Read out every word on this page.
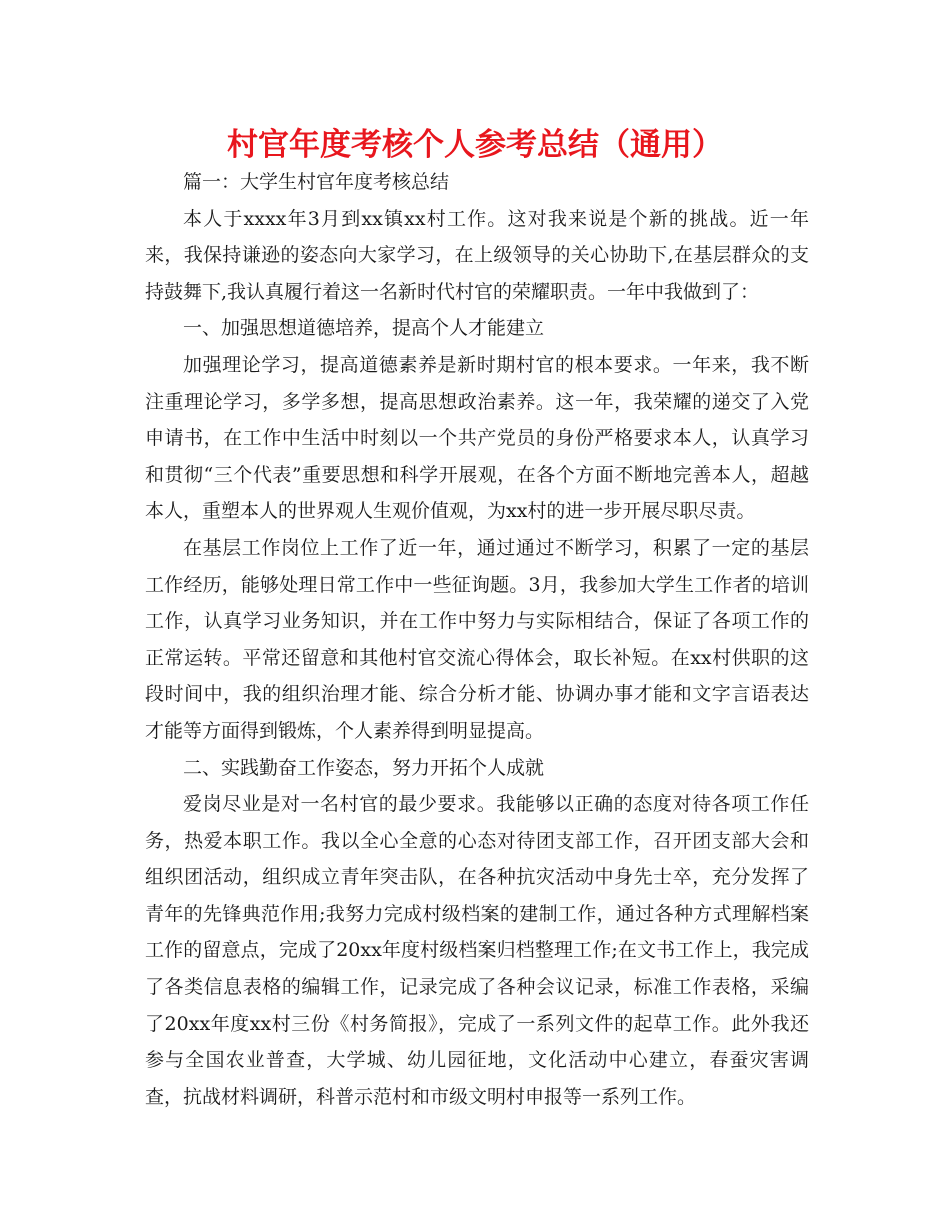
村官年度考核个人参考总结（通用）

篇一：大学生村官年度考核总结

本人于xxxx年3月到xx镇xx村工作。这对我来说是个新的挑战。近一年来，我保持谦逊的姿态向大家学习，在上级领导的关心协助下,在基层群众的支持鼓舞下,我认真履行着这一名新时代村官的荣耀职责。一年中我做到了：

一、加强思想道德培养，提高个人才能建立

加强理论学习，提高道德素养是新时期村官的根本要求。一年来，我不断注重理论学习，多学多想，提高思想政治素养。这一年，我荣耀的递交了入党申请书，在工作中生活中时刻以一个共产党员的身份严格要求本人，认真学习和贯彻“三个代表”重要思想和科学开展观，在各个方面不断地完善本人，超越本人，重塑本人的世界观人生观价值观，为xx村的进一步开展尽职尽责。

在基层工作岗位上工作了近一年，通过通过不断学习，积累了一定的基层工作经历，能够处理日常工作中一些征询题。3月，我参加大学生工作者的培训工作，认真学习业务知识，并在工作中努力与实际相结合，保证了各项工作的正常运转。平常还留意和其他村官交流心得体会，取长补短。在xx村供职的这段时间中，我的组织治理才能、综合分析才能、协调办事才能和文字言语表达才能等方面得到锻炼，个人素养得到明显提高。

二、实践勤奋工作姿态，努力开拓个人成就

爱岗尽业是对一名村官的最少要求。我能够以正确的态度对待各项工作任务，热爱本职工作。我以全心全意的心态对待团支部工作，召开团支部大会和组织团活动，组织成立青年突击队，在各种抗灾活动中身先士卒，充分发挥了青年的先锋典范作用;我努力完成村级档案的建制工作，通过各种方式理解档案工作的留意点，完成了20xx年度村级档案归档整理工作;在文书工作上，我完成了各类信息表格的编辑工作，记录完成了各种会议记录，标准工作表格，采编了20xx年度xx村三份《村务简报》，完成了一系列文件的起草工作。此外我还参与全国农业普查，大学城、幼儿园征地，文化活动中心建立，春蚕灾害调查，抗战材料调研，科普示范村和市级文明村申报等一系列工作。
